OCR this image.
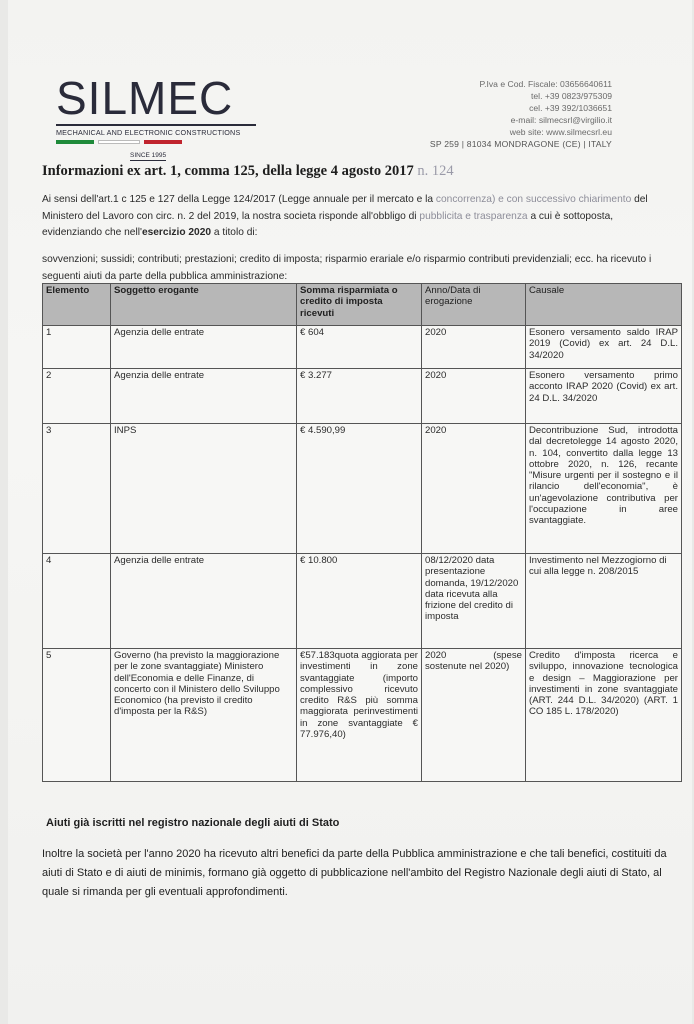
SILMEC
MECHANICAL AND ELECTRONIC CONSTRUCTIONS
SINCE 1995
P.Iva e Cod. Fiscale: 03656640611
tel. +39 0823/975309
cel. +39 392/1036651
e-mail: silmecsrl@virgilio.it
web site: www.silmecsrl.eu
SP 259 | 81034 MONDRAGONE (CE) | ITALY
Informazioni ex art. 1, comma 125, della legge 4 agosto 2017 n. 124
Ai sensi dell'art.1 c 125 e 127 della Legge 124/2017 (Legge annuale per il mercato e la concorrenza) e con successivo chiarimento del Ministero del Lavoro con circ. n. 2 del 2019, la nostra societa risponde all'obbligo di pubblicita e trasparenza a cui è sottoposta, evidenziando che nell'esercizio 2020 a titolo di:
sovvenzioni; sussidi; contributi; prestazioni; credito di imposta; risparmio erariale e/o risparmio contributi previdenziali; ecc. ha ricevuto i seguenti aiuti da parte della pubblica amministrazione:
Elemento	Soggetto erogante	Somma risparmiata o credito di imposta ricevuti	Anno/Data di erogazione	Causale
1	Agenzia delle entrate	€ 604	2020	Esonero versamento saldo IRAP 2019 (Covid) ex art. 24 D.L. 34/2020
2	Agenzia delle entrate	€ 3.277	2020	Esonero versamento primo acconto IRAP 2020 (Covid) ex art. 24 D.L. 34/2020
3	INPS	€ 4.590,99	2020	Decontribuzione Sud, introdotta dal decretolegge 14 agosto 2020, n. 104, convertito dalla legge 13 ottobre 2020, n. 126, recante "Misure urgenti per il sostegno e il rilancio dell'economia", è un'agevolazione contributiva per l'occupazione in aree svantaggiate.
4	Agenzia delle entrate	€ 10.800	08/12/2020 data presentazione domanda, 19/12/2020 data ricevuta alla frizione del credito di imposta	Investimento nel Mezzogiorno di cui alla legge n. 208/2015
5	Governo (ha previsto la maggiorazione per le zone svantaggiate) Ministero dell'Economia e delle Finanze, di concerto con il Ministero dello Sviluppo Economico (ha previsto il credito d'imposta per la R&S)	€57.183quota aggiorata per investimenti in zone svantaggiate (importo complessivo ricevuto credito R&S più somma maggiorata perinvestimenti in zone svantaggiate € 77.976,40)	2020 (spese sostenute nel 2020)	Credito d'imposta ricerca e sviluppo, innovazione tecnologica e design – Maggiorazione per investimenti in zone svantaggiate (ART. 244 D.L. 34/2020) (ART. 1 CO 185 L. 178/2020)
Aiuti già iscritti nel registro nazionale degli aiuti di Stato
Inoltre la società per l'anno 2020 ha ricevuto altri benefici da parte della Pubblica amministrazione e che tali benefici, costituiti da aiuti di Stato e di aiuti de minimis, formano già oggetto di pubblicazione nell'ambito del Registro Nazionale degli aiuti di Stato, al quale si rimanda per gli eventuali approfondimenti.
